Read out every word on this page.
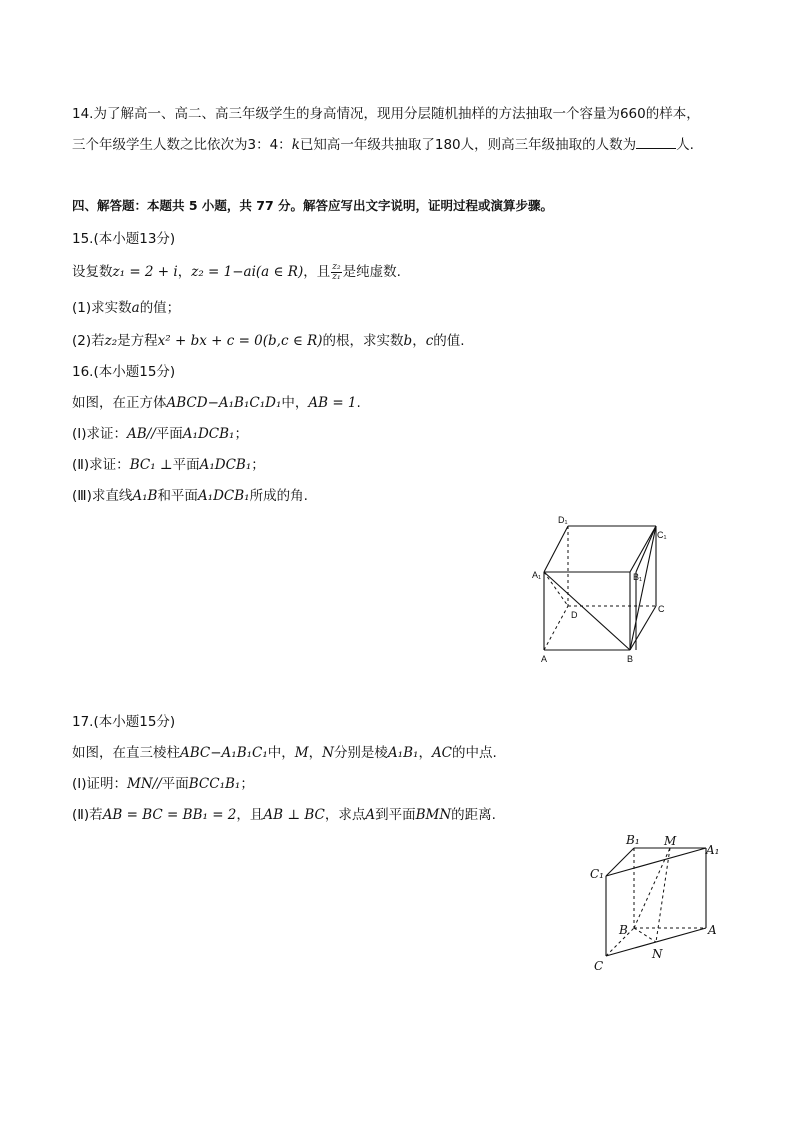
14.为了解高一、高二、高三年级学生的身高情况，现用分层随机抽样的方法抽取一个容量为660的样本，
三个年级学生人数之比依次为3：4：k已知高一年级共抽取了180人，则高三年级抽取的人数为	人.
四、解答题：本题共 5 小题，共 77 分。解答应写出文字说明，证明过程或演算步骤。
15.(本小题13分)
设复数z₁ = 2 + i，z₂ = 1−ai(a ∈ R)，且 $\frac{\text{z₂}}{\text{z₁}}$ 是纯虚数.
(1)求实数a的值；
(2)若z₂是方程x² + bx + c = 0(b,c ∈ R)的根，求实数b，c的值.
16.(本小题15分)
如图，在正方体ABCD−A₁B₁C₁D₁中，AB = 1.
(Ⅰ)求证：AB//平面A₁DCB₁；
(Ⅱ)求证：BC₁ ⊥平面A₁DCB₁；
(Ⅲ)求直线A₁B和平面A₁DCB₁所成的角.
D₁
C₁
A₁	B₁
D
C
A	B
17.(本小题15分)
如图，在直三棱柱ABC−A₁B₁C₁中，M，N分别是棱A₁B₁，AC的中点.
(Ⅰ)证明：MN//平面BCC₁B₁；
(Ⅱ)若AB = BC = BB₁ = 2，且AB ⊥ BC，求点A到平面BMN的距离.
B₁ M
A₁
C₁
B	A
N
C
